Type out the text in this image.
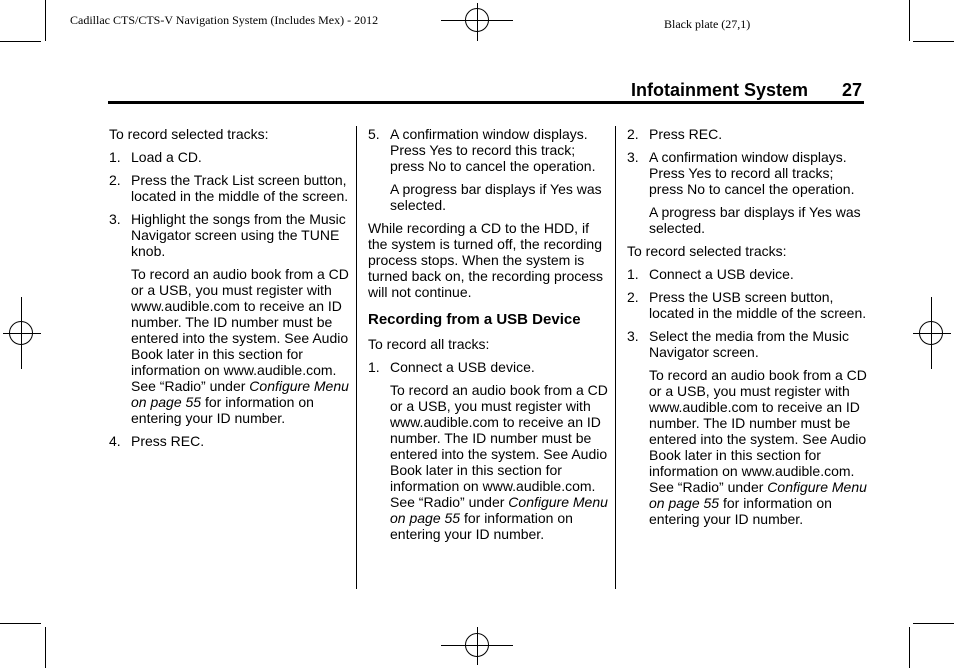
Cadillac CTS/CTS-V Navigation System (Includes Mex) - 2012	Black plate (27,1)
Infotainment System 27

To record selected tracks:

1. Load a CD.
2. Press the Track List screen button, located in the middle of the screen.
3. Highlight the songs from the Music Navigator screen using the TUNE knob.
To record an audio book from a CD or a USB, you must register with www.audible.com to receive an ID number. The ID number must be entered into the system. See Audio Book later in this section for information on www.audible.com. See “Radio” under Configure Menu on page 55 for information on entering your ID number.
4. Press REC.
5. A confirmation window displays. Press Yes to record this track; press No to cancel the operation.
A progress bar displays if Yes was selected.

While recording a CD to the HDD, if the system is turned off, the recording process stops. When the system is turned back on, the recording process will not continue.

Recording from a USB Device

To record all tracks:

1. Connect a USB device.
To record an audio book from a CD or a USB, you must register with www.audible.com to receive an ID number. The ID number must be entered into the system. See Audio Book later in this section for information on www.audible.com. See “Radio” under Configure Menu on page 55 for information on entering your ID number.
2. Press REC.
3. A confirmation window displays. Press Yes to record all tracks; press No to cancel the operation.
A progress bar displays if Yes was selected.

To record selected tracks:

1. Connect a USB device.
2. Press the USB screen button, located in the middle of the screen.
3. Select the media from the Music Navigator screen.
To record an audio book from a CD or a USB, you must register with www.audible.com to receive an ID number. The ID number must be entered into the system. See Audio Book later in this section for information on www.audible.com. See “Radio” under Configure Menu on page 55 for information on entering your ID number.
